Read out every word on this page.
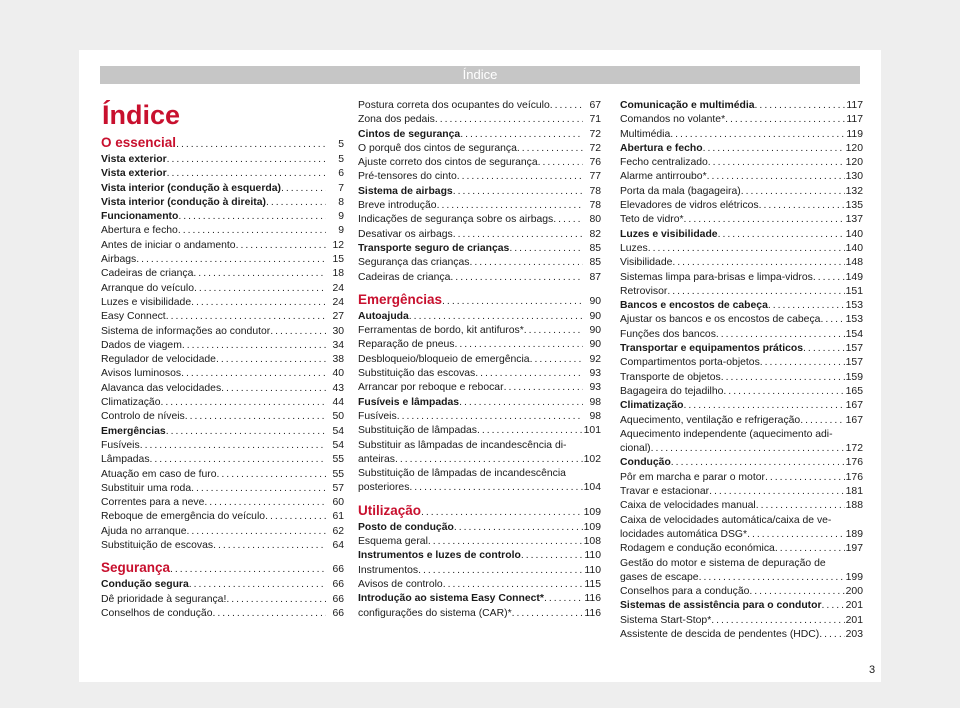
Índice
Índice
O essencial .....	5
Vista exterior .....	5
Vista exterior .....	6
Vista interior (condução à esquerda) .....	7
Vista interior (condução à direita) .....	8
Funcionamento .....	9
Abertura e fecho .....	9
Antes de iniciar o andamento .....	12
Airbags .....	15
Cadeiras de criança .....	18
Arranque do veículo .....	24
Luzes e visibilidade .....	24
Easy Connect .....	27
Sistema de informações ao condutor .....	30
Dados de viagem .....	34
Regulador de velocidade .....	38
Avisos luminosos .....	40
Alavanca das velocidades .....	43
Climatização .....	44
Controlo de níveis .....	50
Emergências .....	54
Fusíveis .....	54
Lâmpadas .....	55
Atuação em caso de furo .....	55
Substituir uma roda .....	57
Correntes para a neve .....	60
Reboque de emergência do veículo .....	61
Ajuda no arranque .....	62
Substituição de escovas .....	64
Segurança .....	66
Condução segura .....	66
Dê prioridade à segurança! .....	66
Conselhos de condução .....	66
Postura correta dos ocupantes do veículo .....	67
Zona dos pedais .....	71
Cintos de segurança .....	72
O porquê dos cintos de segurança .....	72
Ajuste correto dos cintos de segurança .....	76
Pré-tensores do cinto .....	77
Sistema de airbags .....	78
Breve introdução .....	78
Indicações de segurança sobre os airbags .....	80
Desativar os airbags .....	82
Transporte seguro de crianças .....	85
Segurança das crianças .....	85
Cadeiras de criança .....	87
Emergências .....	90
Autoajuda .....	90
Ferramentas de bordo, kit antifuros* .....	90
Reparação de pneus .....	90
Desbloqueio/bloqueio de emergência .....	92
Substituição das escovas .....	93
Arrancar por reboque e rebocar .....	93
Fusíveis e lâmpadas .....	98
Fusíveis .....	98
Substituição de lâmpadas .....	101
Substituir as lâmpadas de incandescência di-
anteiras .....	102
Substituição de lâmpadas de incandescência
posteriores .....	104
Utilização .....	109
Posto de condução .....	109
Esquema geral .....	108
Instrumentos e luzes de controlo .....	110
Instrumentos .....	110
Avisos de controlo .....	115
Introdução ao sistema Easy Connect* .....	116
configurações do sistema (CAR)* .....	116
Comunicação e multimédia .....	117
Comandos no volante* .....	117
Multimédia .....	119
Abertura e fecho .....	120
Fecho centralizado .....	120
Alarme antirroubo* .....	130
Porta da mala (bagageira) .....	132
Elevadores de vidros elétricos .....	135
Teto de vidro* .....	137
Luzes e visibilidade .....	140
Luzes .....	140
Visibilidade .....	148
Sistemas limpa para-brisas e limpa-vidros .....	149
Retrovisor .....	151
Bancos e encostos de cabeça .....	153
Ajustar os bancos e os encostos de cabeça ..... 153
Funções dos bancos .....	154
Transportar e equipamentos práticos .....	157
Compartimentos porta-objetos .....	157
Transporte de objetos .....	159
Bagageira do tejadilho .....	165
Climatização .....	167
Aquecimento, ventilação e refrigeração .....	167
Aquecimento independente (aquecimento adi-
cional) .....	172
Condução .....	176
Pôr em marcha e parar o motor .....	176
Travar e estacionar .....	181
Caixa de velocidades manual .....	188
Caixa de velocidades automática/caixa de ve-
locidades automática DSG* .....	189
Rodagem e condução económica .....	197
Gestão do motor e sistema de depuração de
gases de escape .....	199
Conselhos para a condução .....	200
Sistemas de assistência para o condutor ..... 201
Sistema Start-Stop* .....	201
Assistente de descida de pendentes (HDC) .....	203
3
